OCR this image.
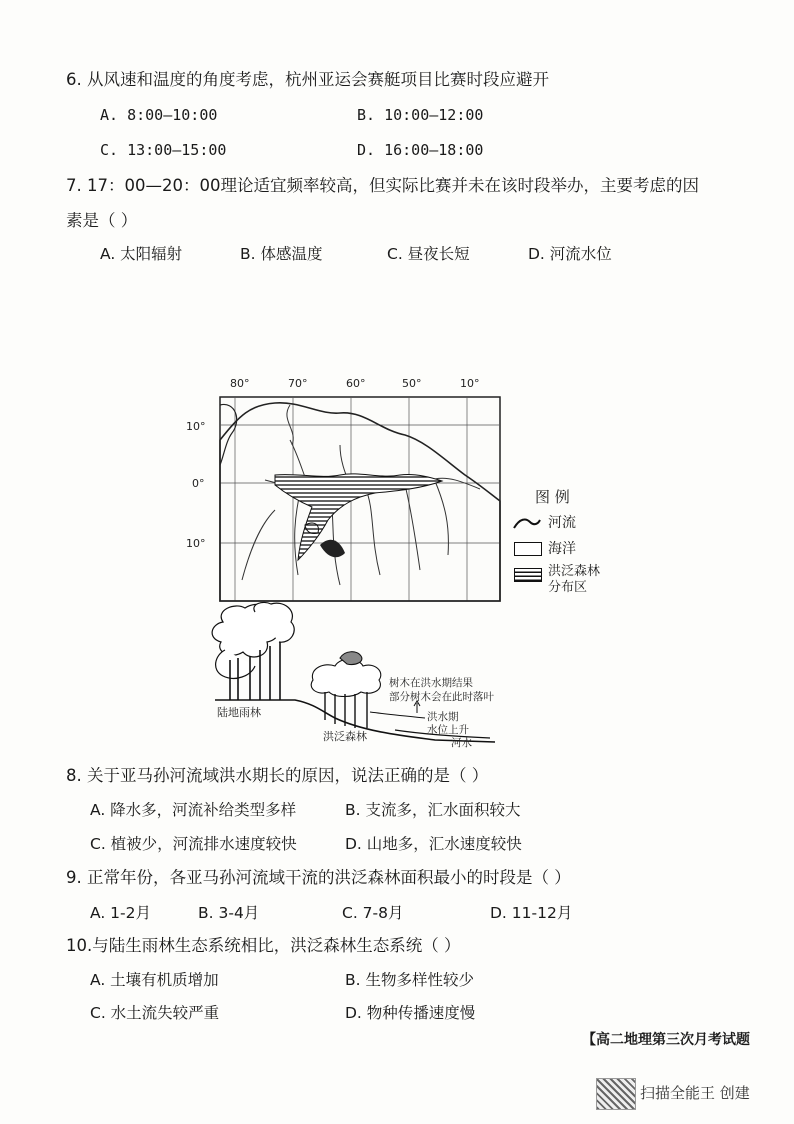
6. 从风速和温度的角度考虑，杭州亚运会赛艇项目比赛时段应避开
A. 8:00—10:00	B. 10:00—12:00
C. 13:00—15:00	D. 16:00—18:00
7. 17：00—20：00理论适宜频率较高，但实际比赛并未在该时段举办，主要考虑的因
素是（ ）
A. 太阳辐射	B. 体感温度	C. 昼夜长短	D. 河流水位
80°	70°	60°	50°	10°
10°
0°
10°
图 例
河流
海洋
洪泛森林
分布区
陆地雨林
洪泛森林
树木在洪水期结果
部分树木会在此时落叶
洪水期
水位上升
河水
8. 关于亚马孙河流域洪水期长的原因，说法正确的是（ ）
A. 降水多，河流补给类型多样	B. 支流多，汇水面积较大
C. 植被少，河流排水速度较快	D. 山地多，汇水速度较快
9. 正常年份，各亚马孙河流域干流的洪泛森林面积最小的时段是（ ）
A. 1-2月	B. 3-4月	C. 7-8月	D. 11-12月
10.与陆生雨林生态系统相比，洪泛森林生态系统（ ）
A. 土壤有机质增加	B. 生物多样性较少
C. 水土流失较严重	D. 物种传播速度慢
【高二地理第三次月考试题
扫描全能王 创建
